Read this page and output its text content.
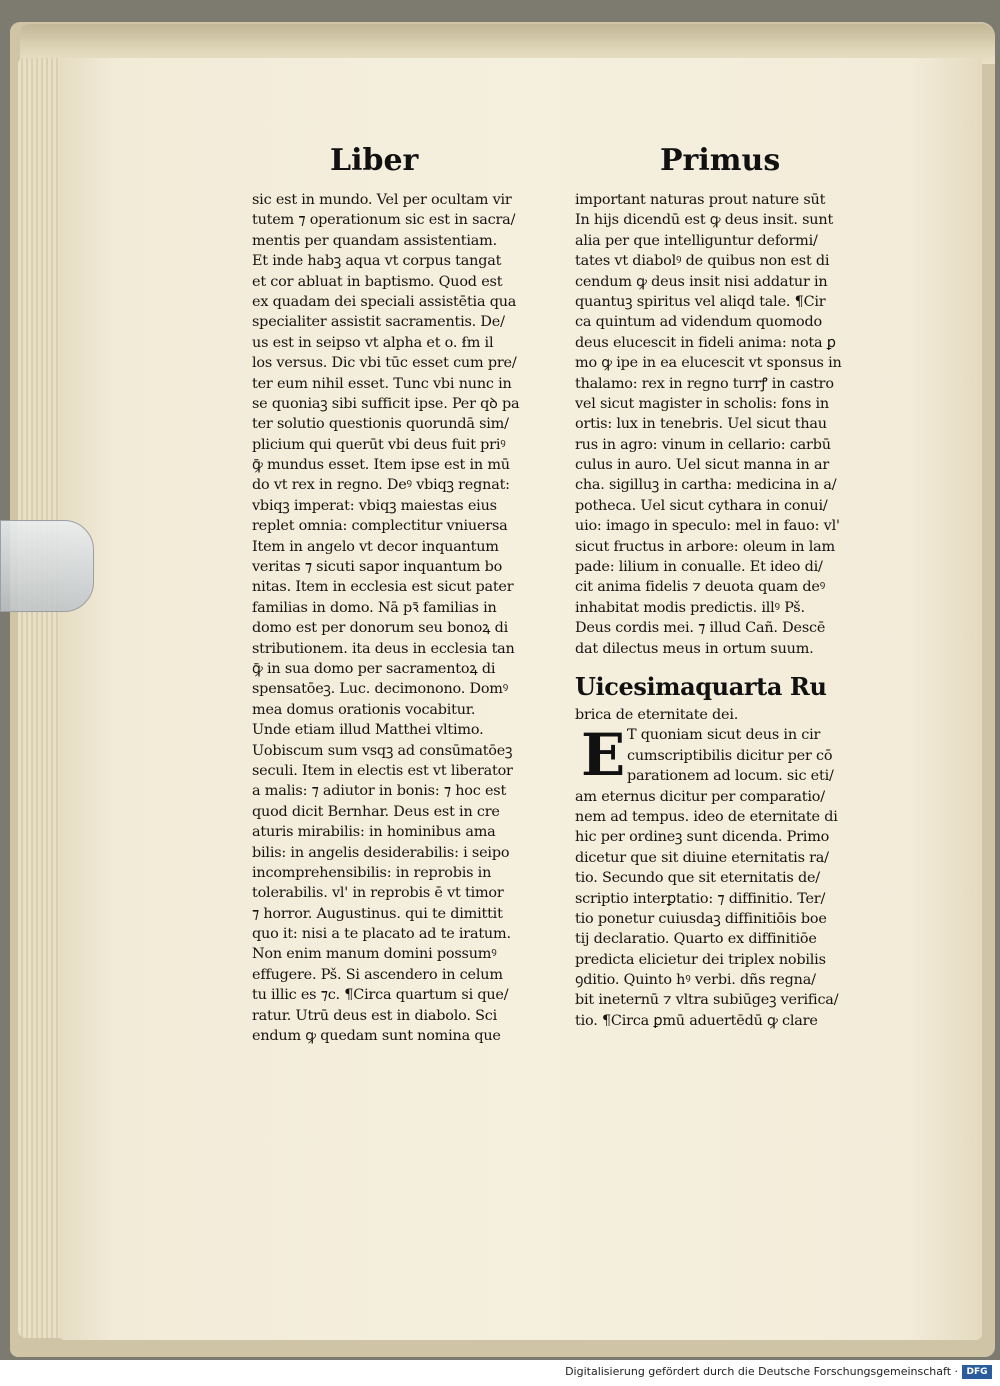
Liber	Primus
sic est in mundo. Vel per ocultam vir
tutem ⁊ operationum sic est in sacra/
mentis per quandam assistentiam.
Et inde habꝫ aqua vt corpus tangat
et cor abluat in baptismo. Quod est
ex quadam dei speciali assistētia qua
specialiter assistit sacramentis. De/
us est in seipso vt alpha et o. ẜm il
los versus. Dic vbi tūc esset cum pre/
ter eum nihil esset. Tunc vbi nunc in
se quoniaꝫ sibi sufficit ipse. Per qꝺ pa
ter solutio questionis quorundā sim/
plicium qui querūt vbi deus fuit priꝰ
ꝙ̄ mundus esset. Item ipse est in mū
do vt rex in regno. Deꝰ vbiqꝫ regnat:
vbiqꝫ imperat: vbiqꝫ maiestas eius
replet omnia: complectitur vniuersa
Item in angelo vt decor inquantum
veritas ⁊ sicuti sapor inquantum bo
nitas. Item in ecclesia est sicut pater
familias in domo. Nā pꝛ̄ familias in
domo est per donorum seu bonoꝝ di
stributionem. ita deus in ecclesia tan
ꝙ̄ in sua domo per sacramentoꝝ di
spensatōeꝫ. Luc. decimonono. Domꝰ
mea domus orationis vocabitur.
Unde etiam illud Matthei vltimo.
Uobiscum sum vsqꝫ ad consūmatōeꝫ
seculi. Item in electis est vt liberator
a malis: ⁊ adiutor in bonis: ⁊ hoc est
quod dicit Bernhar. Deus est in cre
aturis mirabilis: in hominibus ama
bilis: in angelis desiderabilis: i seipo
incomprehensibilis: in reprobis in
tolerabilis. vl' in reprobis ē vt timor
⁊ horror. Augustinus. qui te dimittit
quo it: nisi a te placato ad te iratum.
Non enim manum domini possumꝰ
effugere. Pš. Si ascendero in celum
tu illic es ⁊c. ¶Circa quartum si que/
ratur. Utrū deus est in diabolo. Sci
endum ꝙ quedam sunt nomina que
important naturas prout nature sūt
In hijs dicendū est ꝙ deus insit. sunt
alia per que intelliguntur deformi/
tates vt diabolꝰ de quibus non est di
cendum ꝙ deus insit nisi addatur in
quantuꝫ spiritus vel aliqd tale. ¶Cir
ca quintum ad videndum quomodo
deus elucescit in fideli anima: nota ꝑ
mo ꝙ ipe in ea elucescit vt sponsus in
thalamo: rex in regno turrꝭ in castro
vel sicut magister in scholis: fons in
ortis: lux in tenebris. Uel sicut thau
rus in agro: vinum in cellario: carbū
culus in auro. Uel sicut manna in ar
cha. sigilluꝫ in cartha: medicina in a/
potheca. Uel sicut cythara in conui/
uio: imago in speculo: mel in fauo: vl'
sicut fructus in arbore: oleum in lam
pade: lilium in conualle. Et ideo di/
cit anima fidelis ⁊ deuota quam deꝰ
inhabitat modis predictis. illꝰ Pš.
Deus cordis mei. ⁊ illud Cañ. Descē
dat dilectus meus in ortum suum.
Uicesimaquarta Ru
brica de eternitate dei.
E T quoniam sicut deus in cir
cumscriptibilis dicitur per cō
parationem ad locum. sic eti/
am eternus dicitur per comparatio/
nem ad tempus. ideo de eternitate di
hic per ordineꝫ sunt dicenda. Primo
dicetur que sit diuine eternitatis ra/
tio. Secundo que sit eternitatis de/
scriptio interꝑtatio: ⁊ diffinitio. Ter/
tio ponetur cuiusdaꝫ diffinitiōis boe
tij declaratio. Quarto ex diffinitiōe
predicta elicietur dei triplex nobilis
ꝯditio. Quinto hꝰ verbi. dñs regna/
bit ineternū ⁊ vltra subiūgeꝫ verifica/
tio. ¶Circa ꝑmū aduertēdū ꝙ clare
Digitalisierung gefördert durch die Deutsche Forschungsgemeinschaft · DFG
